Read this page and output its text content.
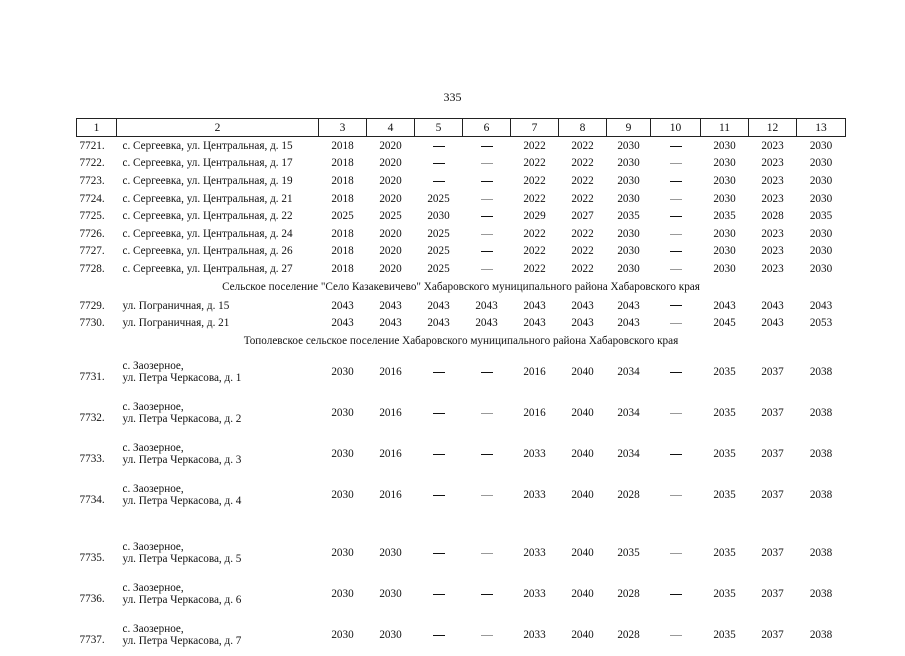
335
1	2	3	4	5	6	7	8	9	10	11	12	13
7721.	с. Сергеевка, ул. Центральная, д. 15	2018	2020			2022	2022	2030		2030	2023	2030
7722.	с. Сергеевка, ул. Центральная, д. 17	2018	2020			2022	2022	2030		2030	2023	2030
7723.	с. Сергеевка, ул. Центральная, д. 19	2018	2020			2022	2022	2030		2030	2023	2030
7724.	с. Сергеевка, ул. Центральная, д. 21	2018	2020	2025		2022	2022	2030		2030	2023	2030
7725.	с. Сергеевка, ул. Центральная, д. 22	2025	2025	2030		2029	2027	2035		2035	2028	2035
7726.	с. Сергеевка, ул. Центральная, д. 24	2018	2020	2025		2022	2022	2030		2030	2023	2030
7727.	с. Сергеевка, ул. Центральная, д. 26	2018	2020	2025		2022	2022	2030		2030	2023	2030
7728.	с. Сергеевка, ул. Центральная, д. 27	2018	2020	2025		2022	2022	2030		2030	2023	2030
Сельское поселение "Село Казакевичево" Хабаровского муниципального района Хабаровского края												
7729.	ул. Пограничная, д. 15	2043	2043	2043	2043	2043	2043	2043		2043	2043	2043
7730.	ул. Пограничная, д. 21	2043	2043	2043	2043	2043	2043	2043		2045	2043	2053
Тополевское сельское поселение Хабаровского муниципального района Хабаровского края												
7731.	с. Заозерное,
ул. Петра Черкасова, д. 1	2030	2016			2016	2040	2034		2035	2037	2038
7732.	с. Заозерное,
ул. Петра Черкасова, д. 2	2030	2016			2016	2040	2034		2035	2037	2038
7733.	с. Заозерное,
ул. Петра Черкасова, д. 3	2030	2016			2033	2040	2034		2035	2037	2038
7734.	с. Заозерное,
ул. Петра Черкасова, д. 4	2030	2016			2033	2040	2028		2035	2037	2038

7735.	с. Заозерное,
ул. Петра Черкасова, д. 5	2030	2030			2033	2040	2035		2035	2037	2038
7736.	с. Заозерное,
ул. Петра Черкасова, д. 6	2030	2030			2033	2040	2028		2035	2037	2038
7737.	с. Заозерное,
ул. Петра Черкасова, д. 7	2030	2030			2033	2040	2028		2035	2037	2038
